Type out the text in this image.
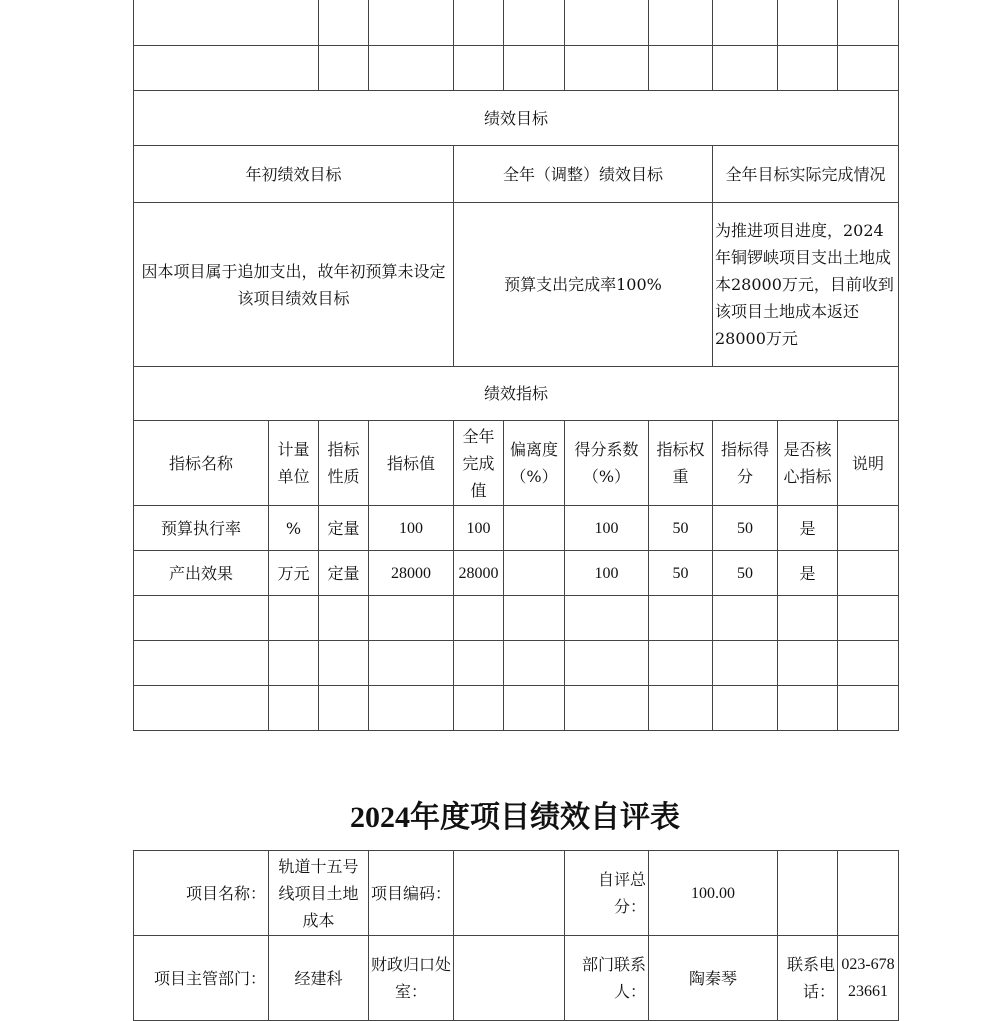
绩效目标										
年初绩效目标				全年（调整）绩效目标				全年目标实际完成情况		
因本项目属于追加支出，故年初预算未设定该项目绩效目标				预算支出完成率100%				为推进项目进度，2024年铜锣峡项目支出土地成本28000万元，目前收到该项目土地成本返还28000万元		
绩效指标										
指标名称	计量单位	指标性质	指标值	全年完成值	偏离度（%）	得分系数（%）	指标权重	指标得分	是否核心指标	说明
预算执行率	%	定量	100	100		100	50	50	是	
产出效果	万元	定量	28000	28000		100	50	50	是	

2024年度项目绩效自评表
项目名称：	轨道十五号线项目土地成本	项目编码：		自评总分：	100.00		
项目主管部门：	经建科	财政归口处室：		部门联系人：	陶秦琴	联系电话：	023-67823661
